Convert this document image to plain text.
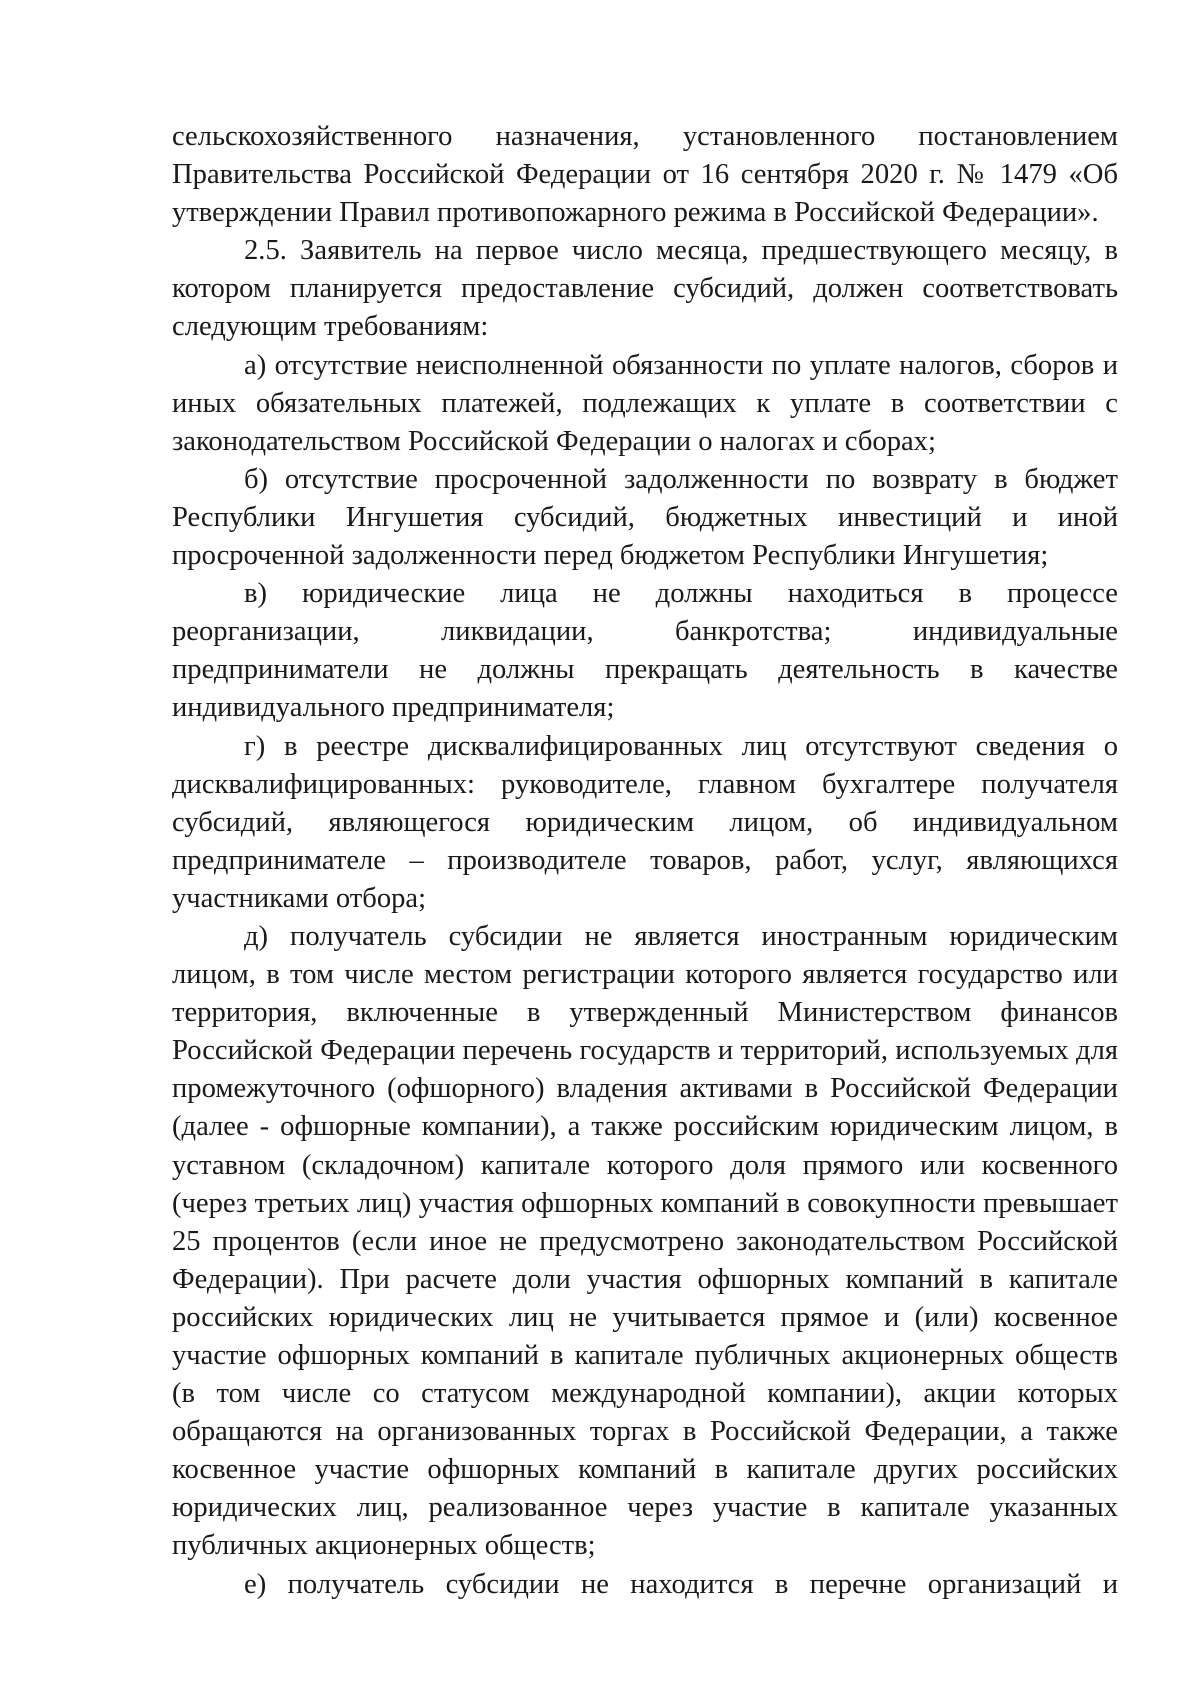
сельскохозяйственного назначения, установленного постановлением Правительства Российской Федерации от 16 сентября 2020 г. № 1479 «Об утверждении Правил противопожарного режима в Российской Федерации».

2.5. Заявитель на первое число месяца, предшествующего месяцу, в котором планируется предоставление субсидий, должен соответствовать следующим требованиям:

а) отсутствие неисполненной обязанности по уплате налогов, сборов и иных обязательных платежей, подлежащих к уплате в соответствии с законодательством Российской Федерации о налогах и сборах;

б) отсутствие просроченной задолженности по возврату в бюджет Республики Ингушетия субсидий, бюджетных инвестиций и иной просроченной задолженности перед бюджетом Республики Ингушетия;

в) юридические лица не должны находиться в процессе реорганизации, ликвидации, банкротства; индивидуальные предприниматели не должны прекращать деятельность в качестве индивидуального предпринимателя;

г) в реестре дисквалифицированных лиц отсутствуют сведения о дисквалифицированных: руководителе, главном бухгалтере получателя субсидий, являющегося юридическим лицом, об индивидуальном предпринимателе – производителе товаров, работ, услуг, являющихся участниками отбора;

д) получатель субсидии не является иностранным юридическим лицом, в том числе местом регистрации которого является государство или территория, включенные в утвержденный Министерством финансов Российской Федерации перечень государств и территорий, используемых для промежуточного (офшорного) владения активами в Российской Федерации (далее - офшорные компании), а также российским юридическим лицом, в уставном (складочном) капитале которого доля прямого или косвенного (через третьих лиц) участия офшорных компаний в совокупности превышает 25 процентов (если иное не предусмотрено законодательством Российской Федерации). При расчете доли участия офшорных компаний в капитале российских юридических лиц не учитывается прямое и (или) косвенное участие офшорных компаний в капитале публичных акционерных обществ (в том числе со статусом международной компании), акции которых обращаются на организованных торгах в Российской Федерации, а также косвенное участие офшорных компаний в капитале других российских юридических лиц, реализованное через участие в капитале указанных публичных акционерных обществ;

е) получатель субсидии не находится в перечне организаций и
